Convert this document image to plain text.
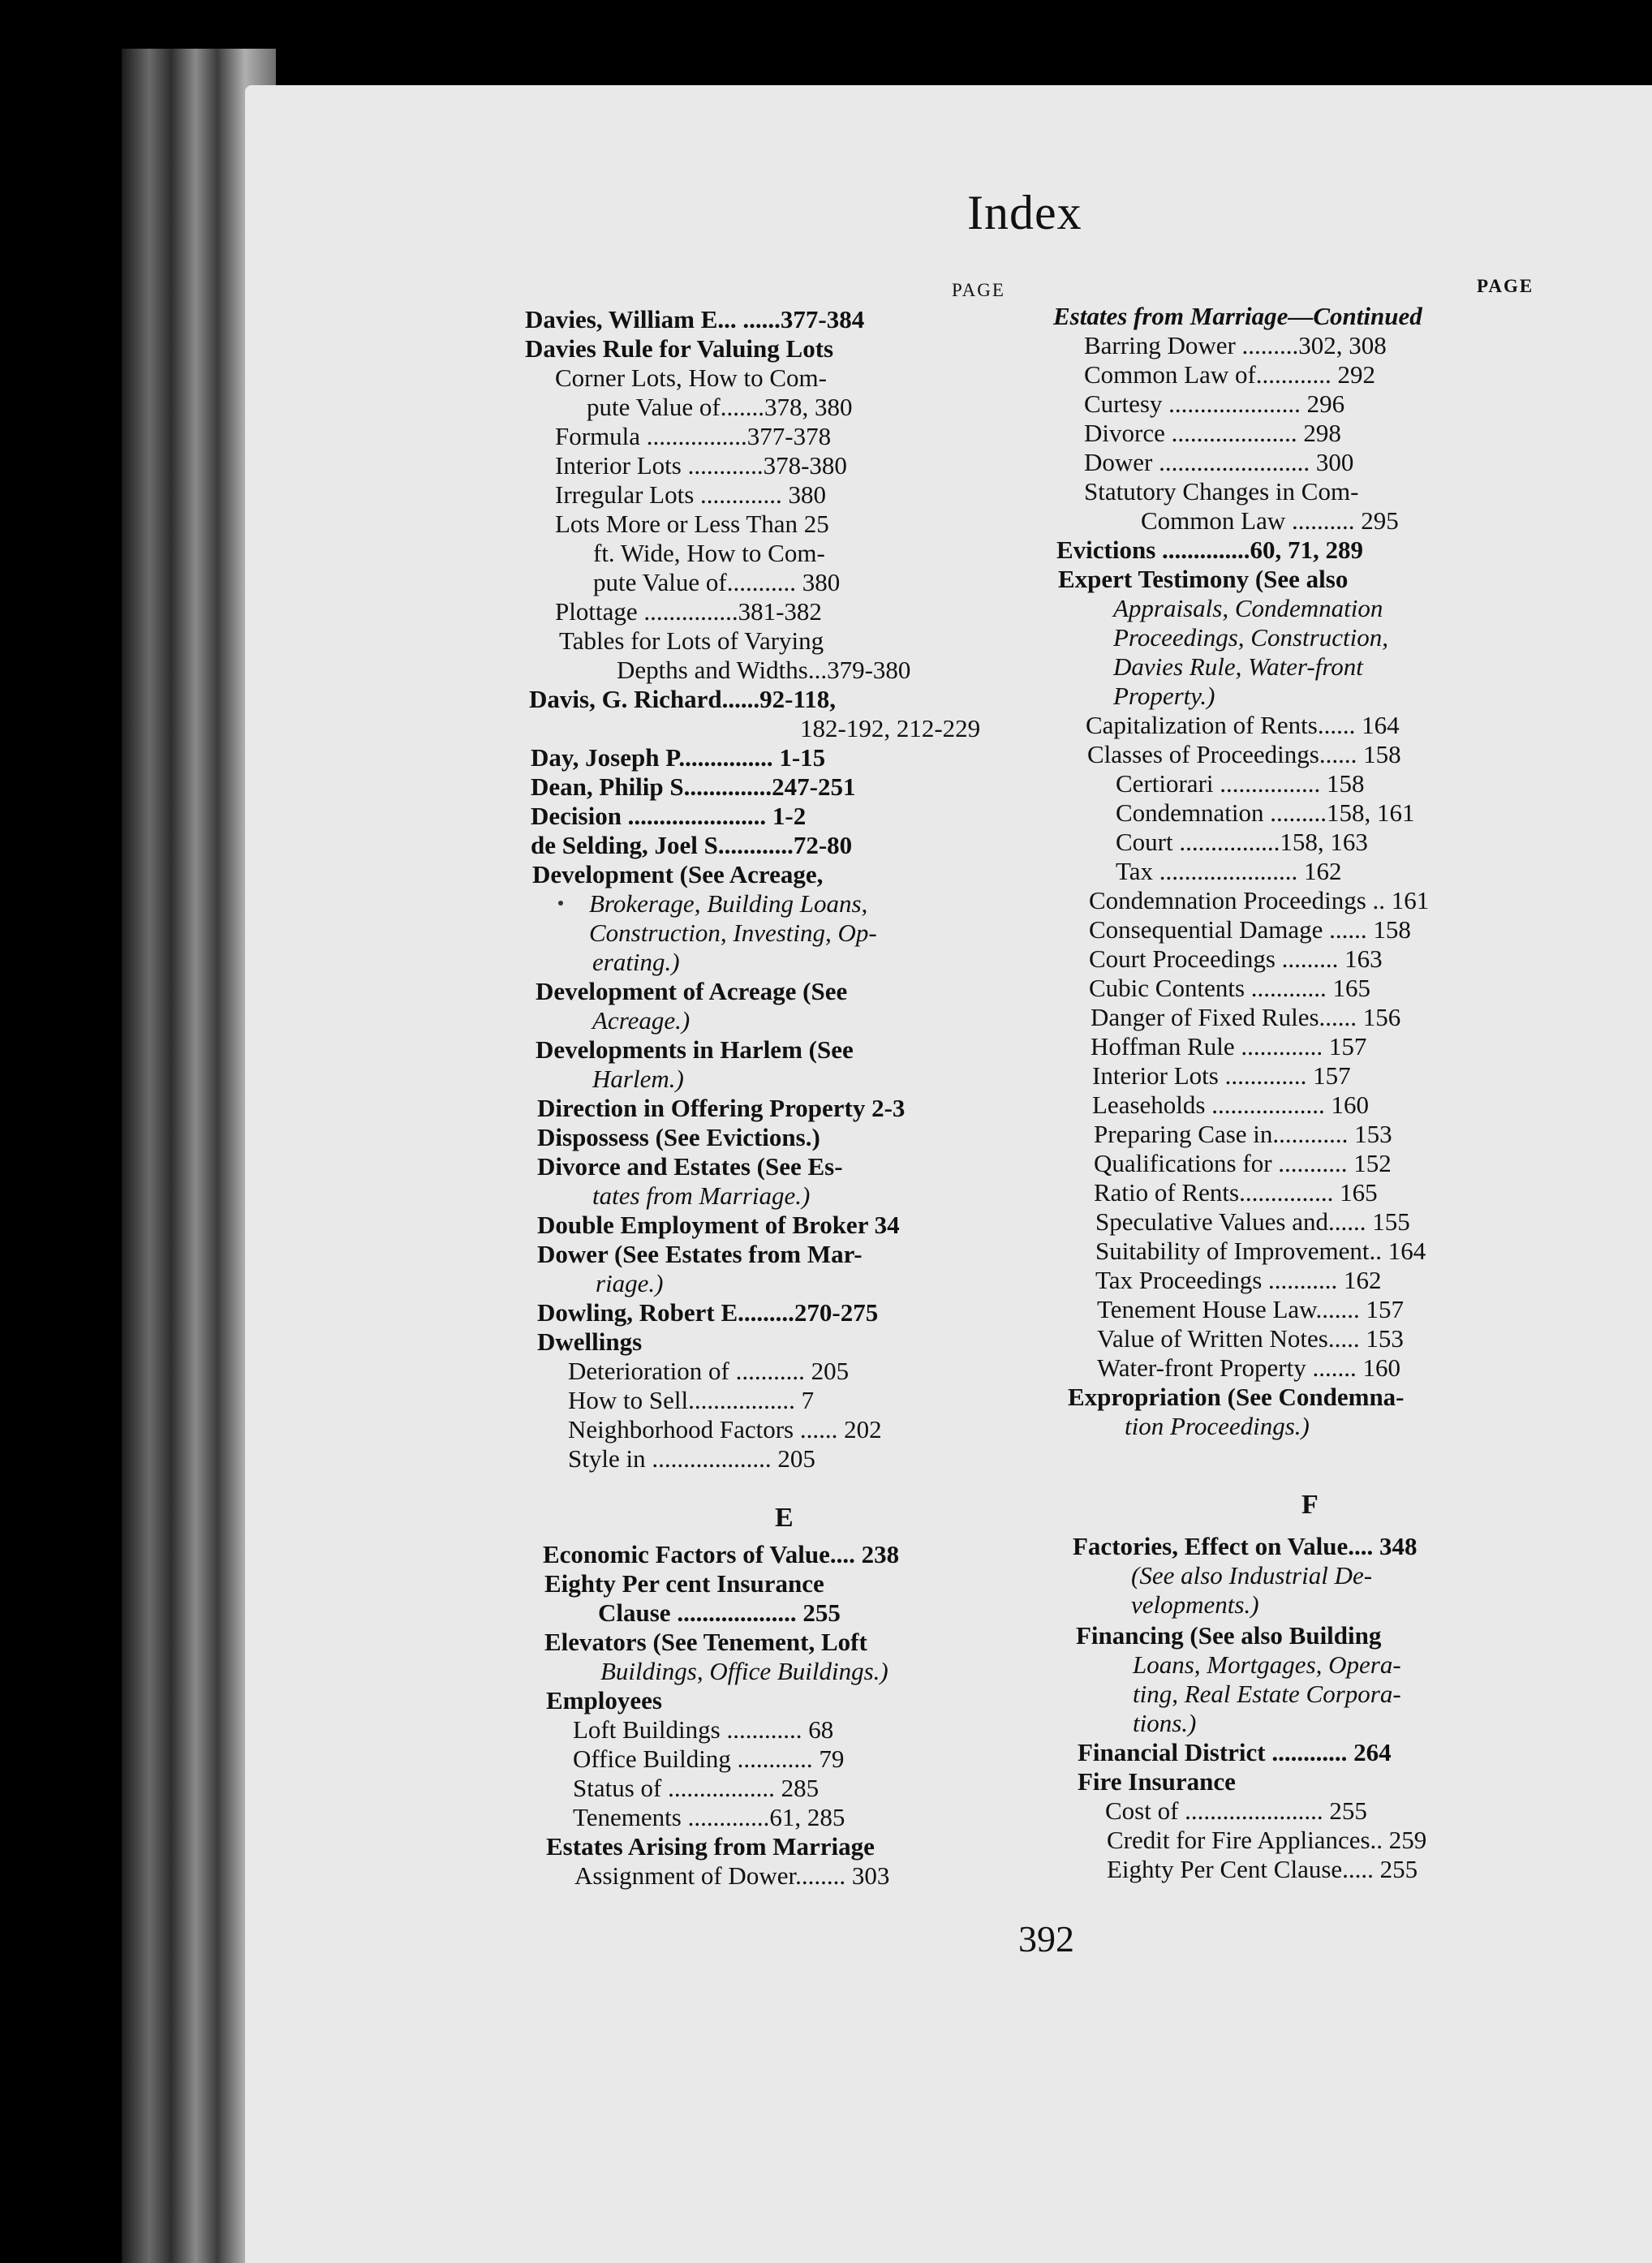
Index
PAGE	PAGE
Davies, William E... ......377-384
Davies Rule for Valuing Lots
Corner Lots, How to Com-
pute Value of.......378, 380
Formula ................377-378
Interior Lots ............378-380
Irregular Lots ............. 380
Lots More or Less Than 25
ft. Wide, How to Com-
pute Value of........... 380
Plottage ...............381-382
Tables for Lots of Varying
Depths and Widths...379-380
Davis, G. Richard......92-118,
182-192, 212-229
Day, Joseph P............... 1-15
Dean, Philip S..............247-251
Decision ...................... 1-2
de Selding, Joel S............72-80
Development (See Acreage,
Brokerage, Building Loans,
Construction, Investing, Op-
erating.)
Development of Acreage (See
Acreage.)
Developments in Harlem (See
Harlem.)
Direction in Offering Property 2-3
Dispossess (See Evictions.)
Divorce and Estates (See Es-
tates from Marriage.)
Double Employment of Broker 34
Dower (See Estates from Mar-
riage.)
Dowling, Robert E.........270-275
Dwellings
Deterioration of ........... 205
How to Sell................. 7
Neighborhood Factors ...... 202
Style in ................... 205
Economic Factors of Value.... 238
Eighty Per cent Insurance
Clause ................... 255
Elevators (See Tenement, Loft
Buildings, Office Buildings.)
Employees
Loft Buildings ............ 68
Office Building ............ 79
Status of ................. 285
Tenements .............61, 285
Estates Arising from Marriage
Assignment of Dower........ 303
Estates from Marriage—Continued
Barring Dower .........302, 308
Common Law of............ 292
Curtesy ..................... 296
Divorce .................... 298
Dower ........................ 300
Statutory Changes in Com-
Common Law .......... 295
Evictions ..............60, 71, 289
Expert Testimony (See also
Appraisals, Condemnation
Proceedings, Construction,
Davies Rule, Water-front
Property.)
Capitalization of Rents...... 164
Classes of Proceedings...... 158
Certiorari ................ 158
Condemnation .........158, 161
Court ................158, 163
Tax ...................... 162
Condemnation Proceedings .. 161
Consequential Damage ...... 158
Court Proceedings ......... 163
Cubic Contents ............ 165
Danger of Fixed Rules...... 156
Hoffman Rule ............. 157
Interior Lots ............. 157
Leaseholds .................. 160
Preparing Case in............ 153
Qualifications for ........... 152
Ratio of Rents............... 165
Speculative Values and...... 155
Suitability of Improvement.. 164
Tax Proceedings ........... 162
Tenement House Law....... 157
Value of Written Notes..... 153
Water-front Property ....... 160
Expropriation (See Condemna-
tion Proceedings.)
Factories, Effect on Value.... 348
(See also Industrial De-
velopments.)
Financing (See also Building
Loans, Mortgages, Opera-
ting, Real Estate Corpora-
tions.)
Financial District ............ 264
Fire Insurance
Cost of ...................... 255
Credit for Fire Appliances.. 259
Eighty Per Cent Clause..... 255
E	F
392
